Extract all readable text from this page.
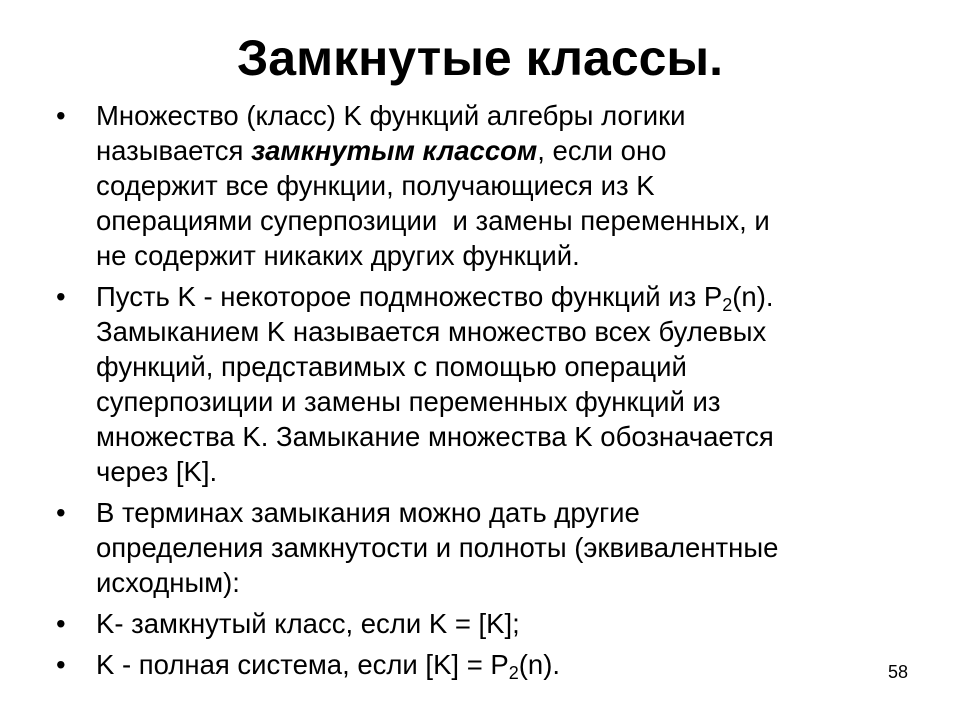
Замкнутые классы.
•	Множество (класс) K функций алгебры логики
называется замкнутым классом, если оно
содержит все функции, получающиеся из K
операциями суперпозиции  и замены переменных, и
не содержит никаких других функций.
•	Пусть K - некоторое подмножество функций из $P_2(n)$.
Замыканием K называется множество всех булевых
функций, представимых с помощью операций
суперпозиции и замены переменных функций из
множества K. Замыкание множества K обозначается
через [K].
•	В терминах замыкания можно дать другие
определения замкнутости и полноты (эквивалентные
исходным):
•	K- замкнутый класс, если K = [K];
•	K - полная система, если $[K] = P_2(n)$.	58
